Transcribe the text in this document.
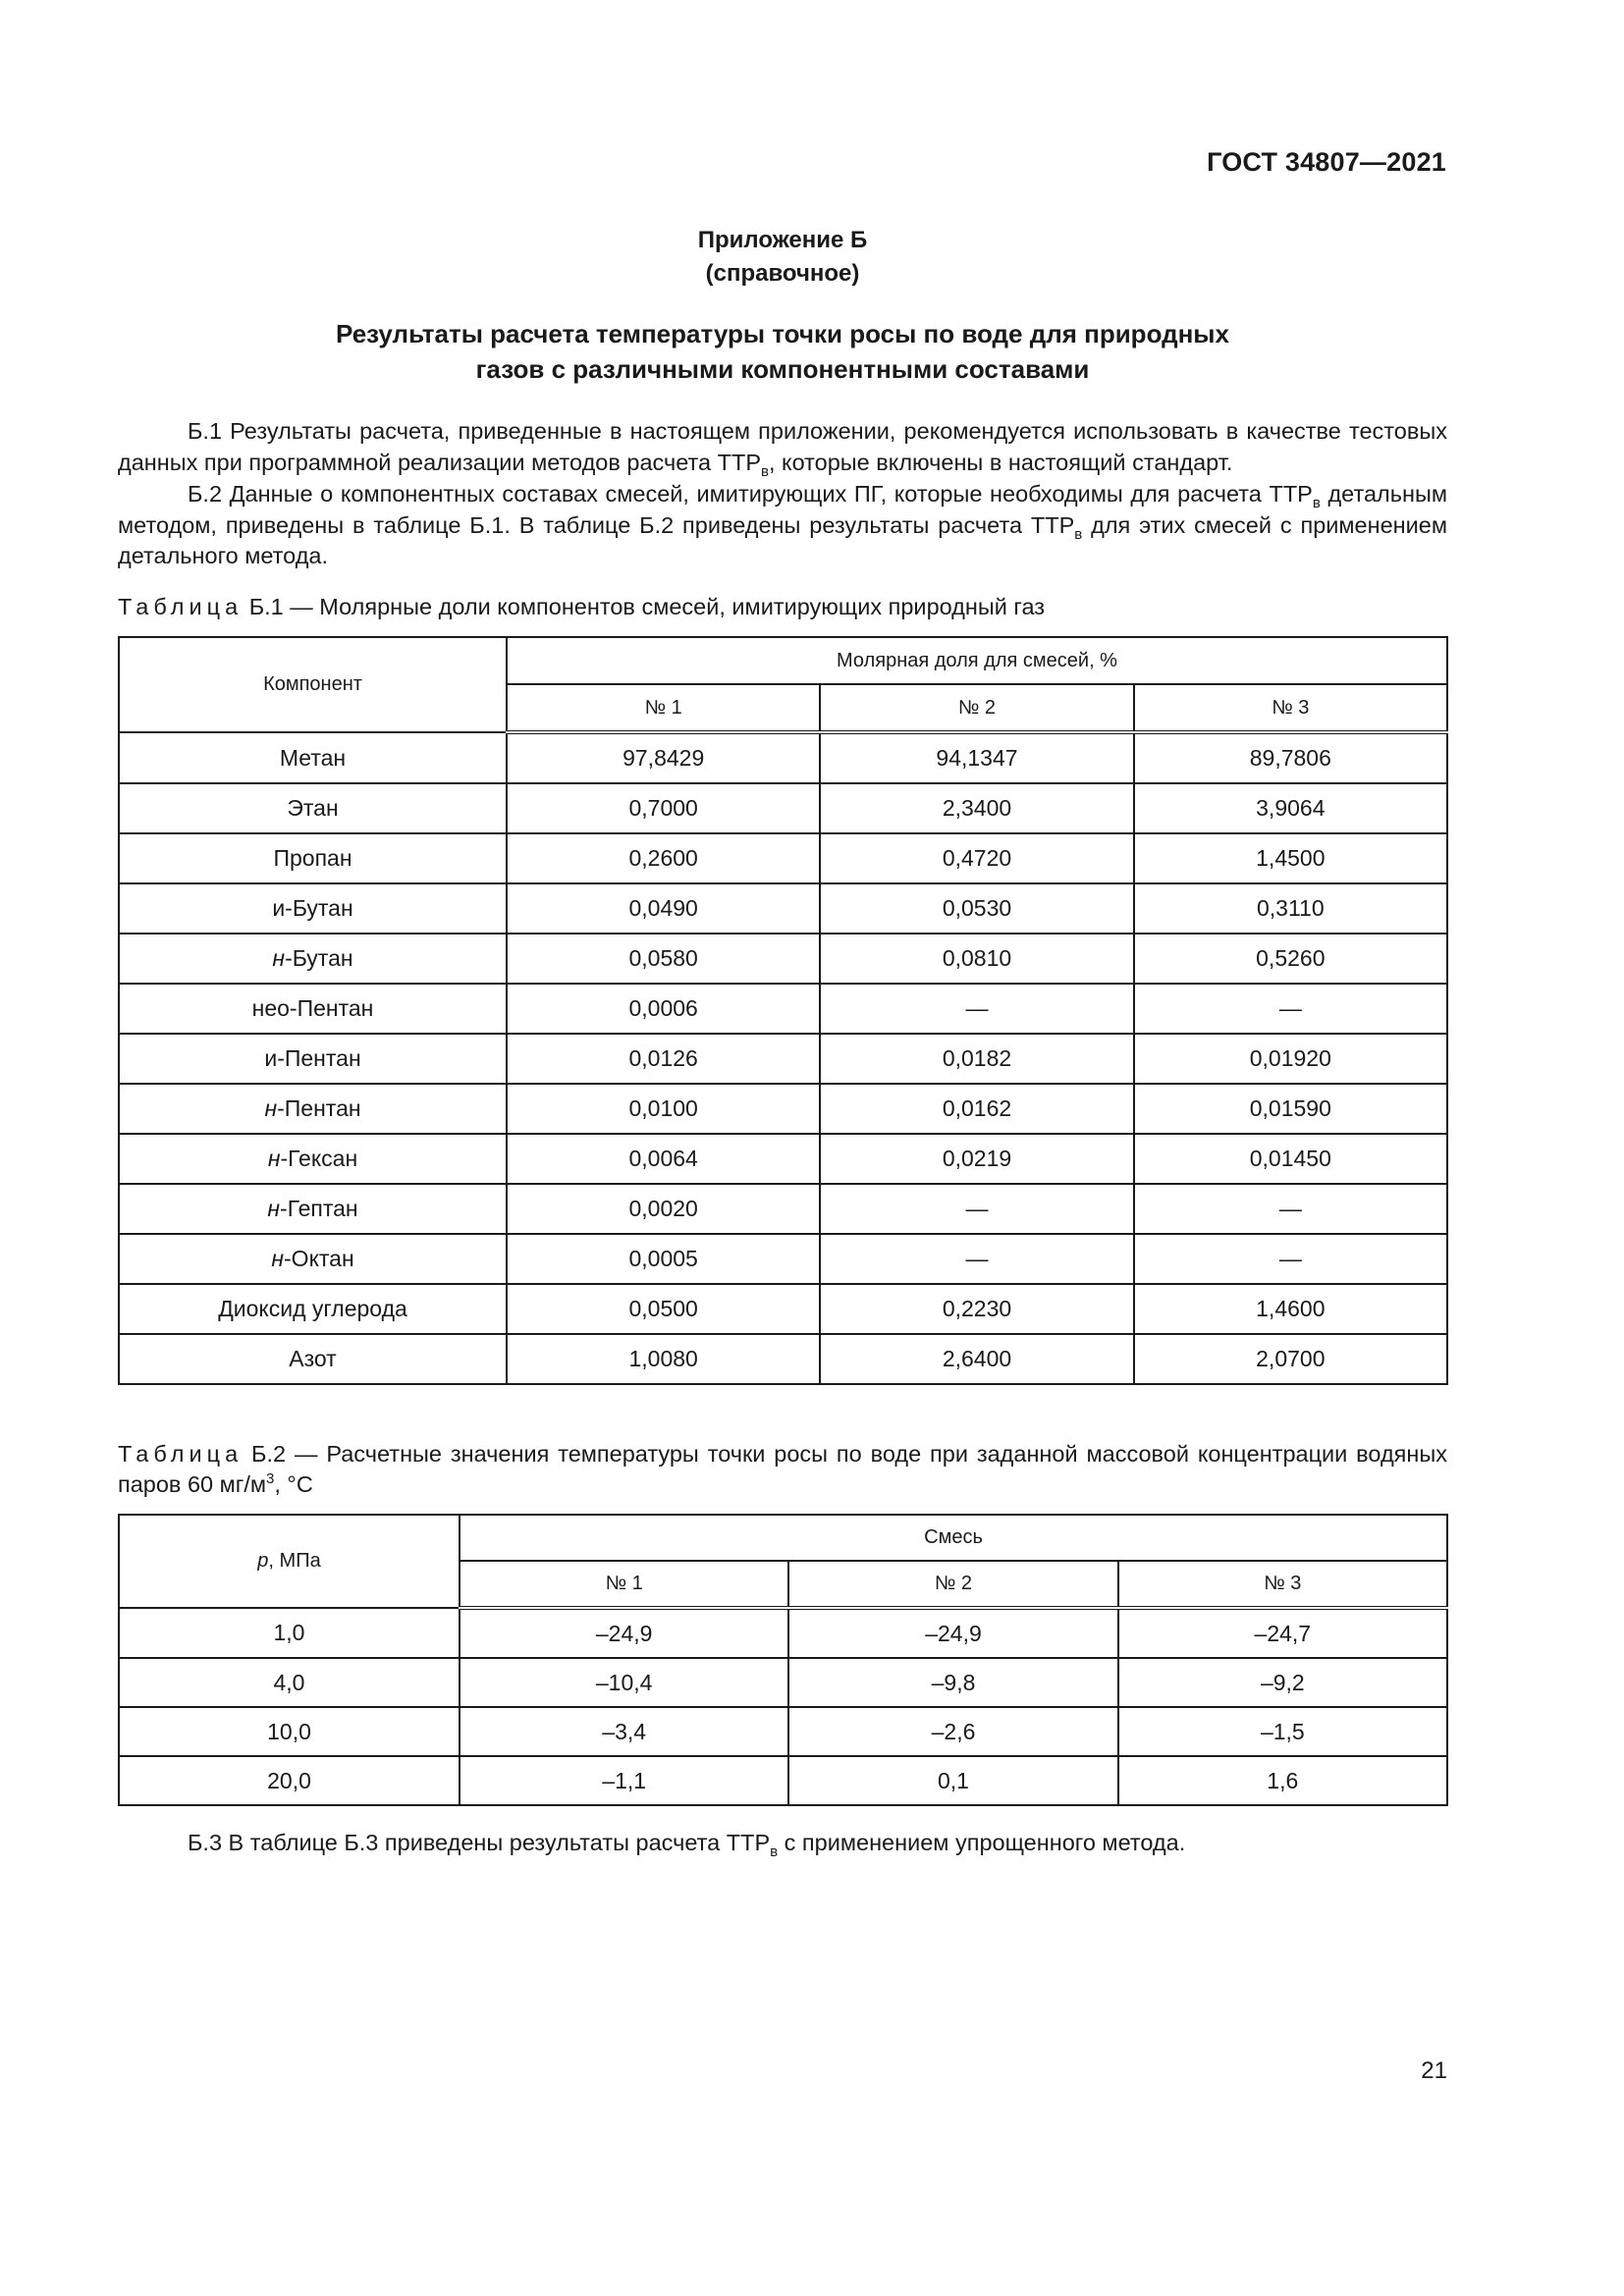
ГОСТ 34807—2021
Приложение Б
(справочное)
Результаты расчета температуры точки росы по воде для природных
газов с различными компонентными составами

Б.1 Результаты расчета, приведенные в настоящем приложении, рекомендуется использовать в качестве тестовых данных при программной реализации методов расчета $ТТР_в$, которые включены в настоящий стандарт.

Б.2 Данные о компонентных составах смесей, имитирующих ПГ, которые необходимы для расчета $ТТР_в$ детальным методом, приведены в таблице Б.1. В таблице Б.2 приведены результаты расчета $ТТР_в$ для этих смесей с применением детального метода.

Таблица Б.1 — Молярные доли компонентов смесей, имитирующих природный газ
Компонент	Молярная доля для смесей, %		
	№ 1	№ 2	№ 3
Метан	97,8429	94,1347	89,7806
Этан	0,7000	2,3400	3,9064
Пропан	0,2600	0,4720	1,4500
и-Бутан	0,0490	0,0530	0,3110
н-Бутан	0,0580	0,0810	0,5260
нео-Пентан	0,0006	—	—
и-Пентан	0,0126	0,0182	0,01920
н-Пентан	0,0100	0,0162	0,01590
н-Гексан	0,0064	0,0219	0,01450
н-Гептан	0,0020	—	—
н-Октан	0,0005	—	—
Диоксид углерода	0,0500	0,2230	1,4600
Азот	1,0080	2,6400	2,0700
Таблица Б.2 — Расчетные значения температуры точки росы по воде при заданной массовой концентрации водяных паров 60 $мг/м^3$, °С
p, МПа	Смесь		
	№ 1	№ 2	№ 3
1,0	–24,9	–24,9	–24,7
4,0	–10,4	–9,8	–9,2
10,0	–3,4	–2,6	–1,5
20,0	–1,1	0,1	1,6

Б.3 В таблице Б.3 приведены результаты расчета $ТТР_в$ с применением упрощенного метода.

21
